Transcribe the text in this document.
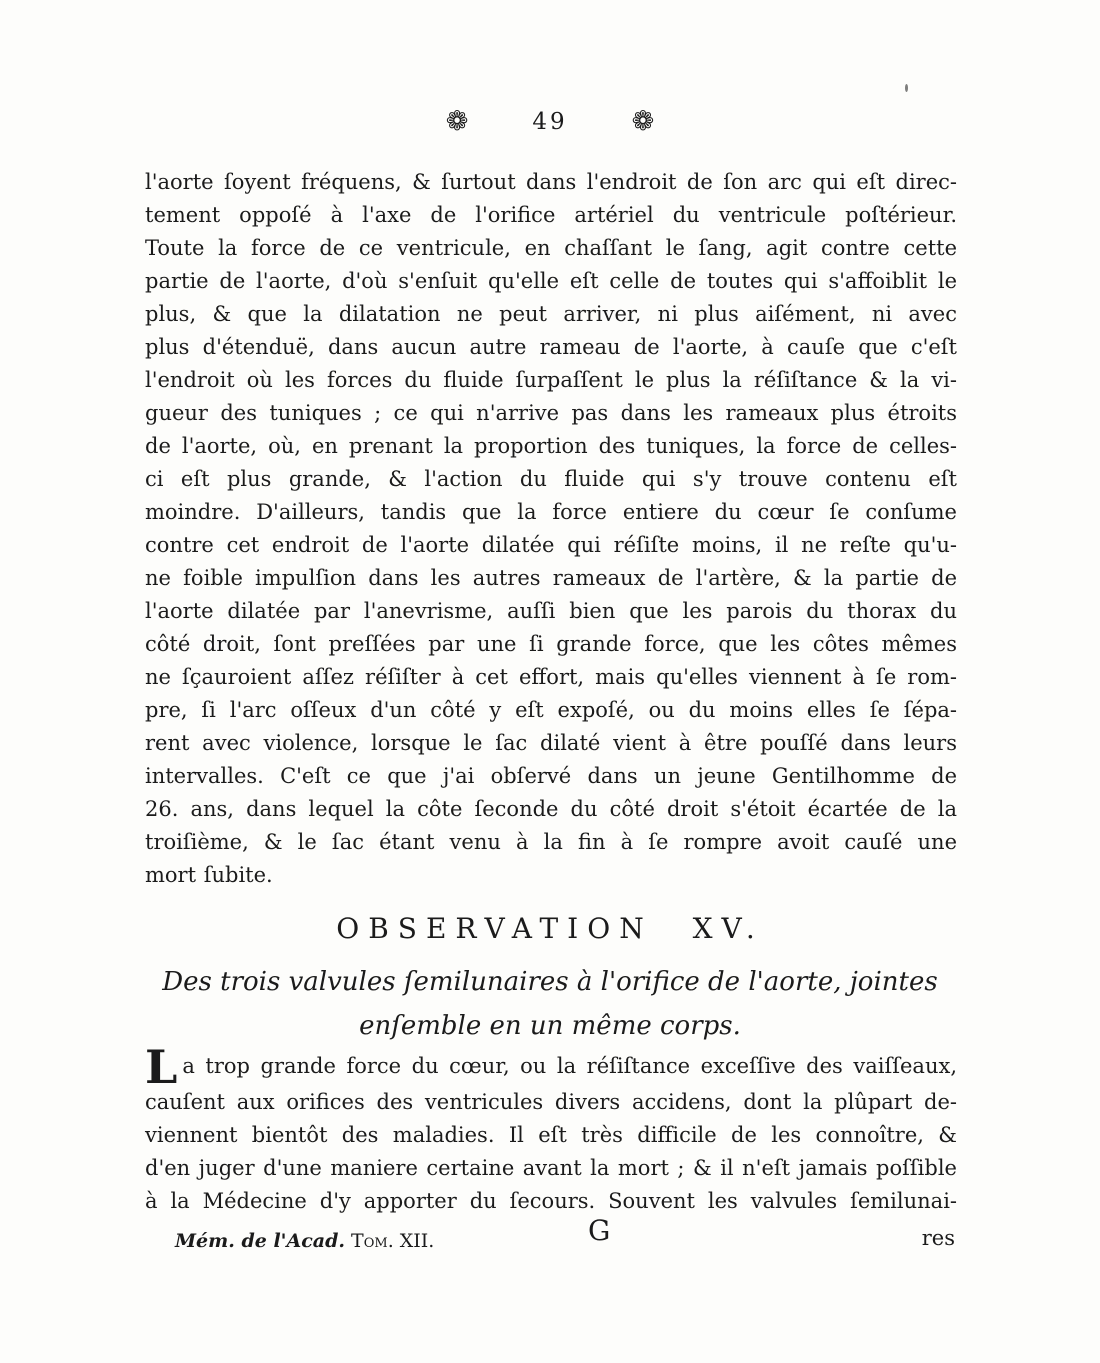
❁	49 ❁
l'aorte ſoyent fréquens, & ſurtout dans l'endroit de ſon arc qui eſt direc-
tement oppoſé à l'axe de l'orifice artériel du ventricule poſtérieur.
Toute la force de ce ventricule, en chaſſant le ſang, agit contre cette
partie de l'aorte, d'où s'enſuit qu'elle eſt celle de toutes qui s'affoiblit le
plus, & que la dilatation ne peut arriver, ni plus aiſément, ni avec
plus d'étenduë, dans aucun autre rameau de l'aorte, à cauſe que c'eſt
l'endroit où les forces du fluide ſurpaſſent le plus la réſiſtance & la vi-
gueur des tuniques ; ce qui n'arrive pas dans les rameaux plus étroits
de l'aorte, où, en prenant la proportion des tuniques, la force de celles-
ci eſt plus grande, & l'action du fluide qui s'y trouve contenu eſt
moindre. D'ailleurs, tandis que la force entiere du cœur ſe conſume
contre cet endroit de l'aorte dilatée qui réſiſte moins, il ne reſte qu'u-
ne foible impulſion dans les autres rameaux de l'artère, & la partie de
l'aorte dilatée par l'anevrisme, auſſi bien que les parois du thorax du
côté droit, ſont preſſées par une ſi grande force, que les côtes mêmes
ne ſçauroient aſſez réſiſter à cet effort, mais qu'elles viennent à ſe rom-
pre, ſi l'arc oſſeux d'un côté y eſt expoſé, ou du moins elles ſe ſépa-
rent avec violence, lorsque le ſac dilaté vient à être pouſſé dans leurs
intervalles. C'eſt ce que j'ai obſervé dans un jeune Gentilhomme de
26. ans, dans lequel la côte ſeconde du côté droit s'étoit écartée de la
troiſième, & le ſac étant venu à la fin à ſe rompre avoit cauſé une
mort ſubite.
OBSERVATION XV.
Des trois valvules ſemilunaires à l'orifice de l'aorte, jointes
enſemble en un même corps.
L a trop grande force du cœur, ou la réſiſtance exceſſive des vaiſſeaux,
cauſent aux orifices des ventricules divers accidens, dont la plûpart de-
viennent bientôt des maladies. Il eſt très difficile de les connoître, &
d'en juger d'une maniere certaine avant la mort ; & il n'eſt jamais poſſible
à la Médecine d'y apporter du ſecours. Souvent les valvules ſemilunai-
Mém. de l'Acad. Tom. XII.	G	res
